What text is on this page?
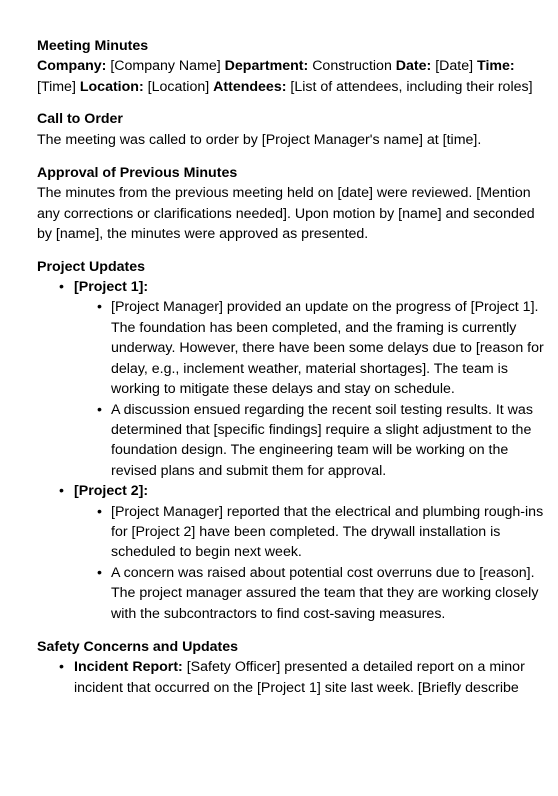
Meeting Minutes

Company: [Company Name] Department: Construction Date: [Date] Time: [Time] Location: [Location] Attendees: [List of attendees, including their roles]

Call to Order

The meeting was called to order by [Project Manager's name] at [time].

Approval of Previous Minutes

The minutes from the previous meeting held on [date] were reviewed. [Mention any corrections or clarifications needed]. Upon motion by [name] and seconded by [name], the minutes were approved as presented.

Project Updates

• [Project 1]:
• [Project Manager] provided an update on the progress of [Project 1]. The foundation has been completed, and the framing is currently underway. However, there have been some delays due to [reason for delay, e.g., inclement weather, material shortages]. The team is working to mitigate these delays and stay on schedule.
• A discussion ensued regarding the recent soil testing results. It was determined that [specific findings] require a slight adjustment to the foundation design. The engineering team will be working on the revised plans and submit them for approval.
• [Project 2]:
• [Project Manager] reported that the electrical and plumbing rough-ins for [Project 2] have been completed. The drywall installation is scheduled to begin next week.
• A concern was raised about potential cost overruns due to [reason]. The project manager assured the team that they are working closely with the subcontractors to find cost-saving measures.

Safety Concerns and Updates

• Incident Report: [Safety Officer] presented a detailed report on a minor incident that occurred on the [Project 1] site last week. [Briefly describe
